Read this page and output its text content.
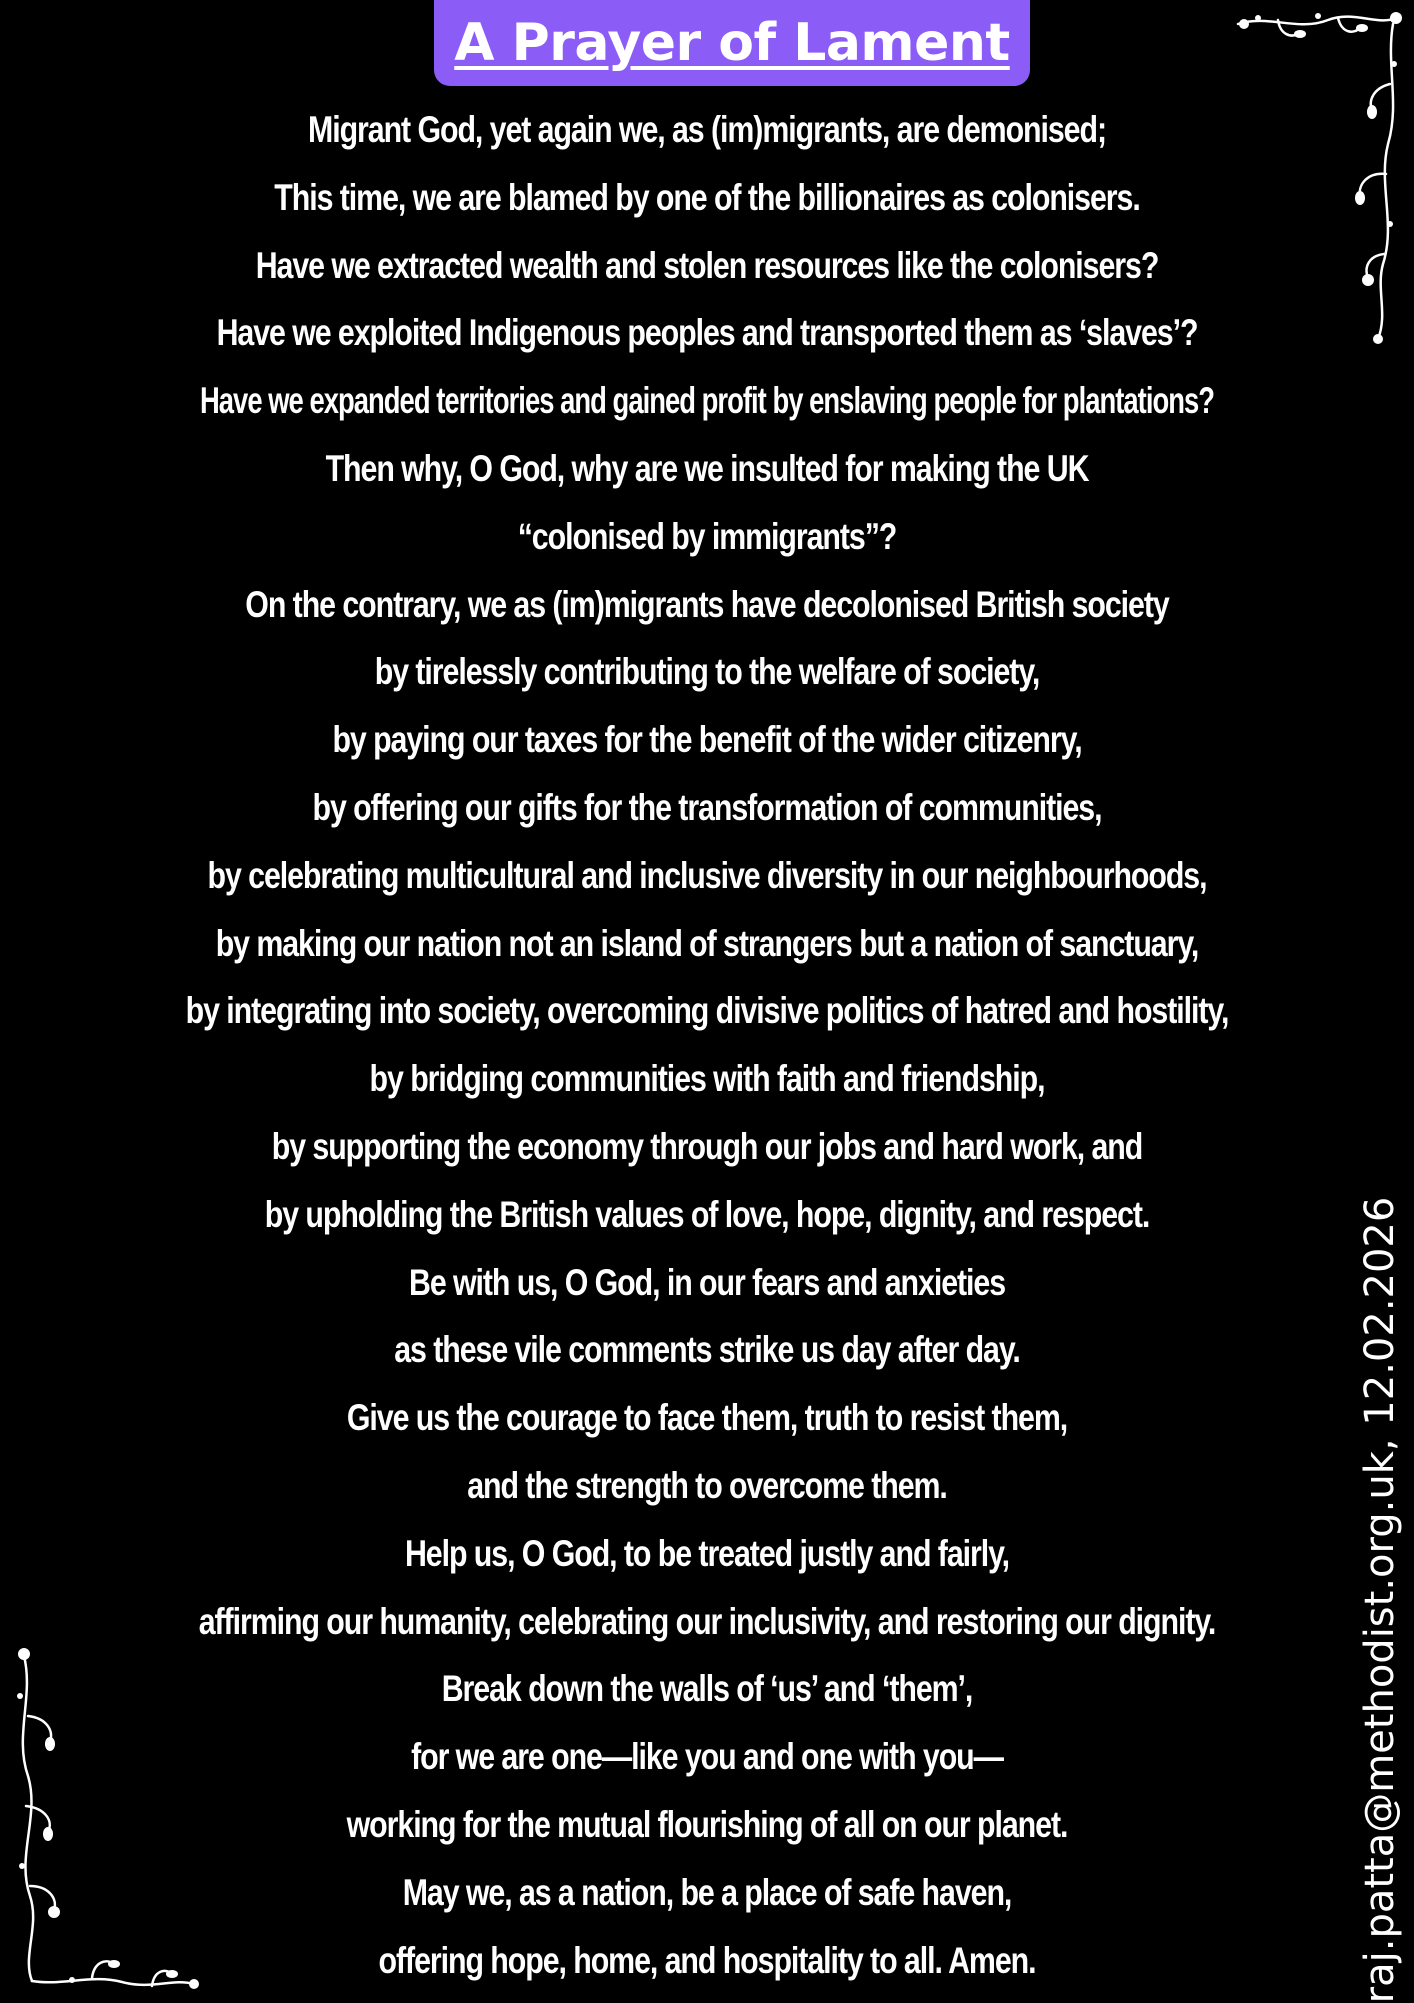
A Prayer of Lament
Migrant God, yet again we, as (im)migrants, are demonised;
This time, we are blamed by one of the billionaires as colonisers.
Have we extracted wealth and stolen resources like the colonisers?
Have we exploited Indigenous peoples and transported them as ‘slaves’?
Have we expanded territories and gained profit by enslaving people for plantations?
Then why, O God, why are we insulted for making the UK
“colonised by immigrants”?
On the contrary, we as (im)migrants have decolonised British society
by tirelessly contributing to the welfare of society,
by paying our taxes for the benefit of the wider citizenry,
by offering our gifts for the transformation of communities,
by celebrating multicultural and inclusive diversity in our neighbourhoods,
by making our nation not an island of strangers but a nation of sanctuary,
by integrating into society, overcoming divisive politics of hatred and hostility,
by bridging communities with faith and friendship,
by supporting the economy through our jobs and hard work, and
by upholding the British values of love, hope, dignity, and respect.
Be with us, O God, in our fears and anxieties
as these vile comments strike us day after day.
Give us the courage to face them, truth to resist them,
and the strength to overcome them.
Help us, O God, to be treated justly and fairly,
affirming our humanity, celebrating our inclusivity, and restoring our dignity.
Break down the walls of ‘us’ and ‘them’,
for we are one—like you and one with you—
working for the mutual flourishing of all on our planet.
May we, as a nation, be a place of safe haven,
offering hope, home, and hospitality to all. Amen.	raj.patta@methodist.org.uk, 12.02.2026
